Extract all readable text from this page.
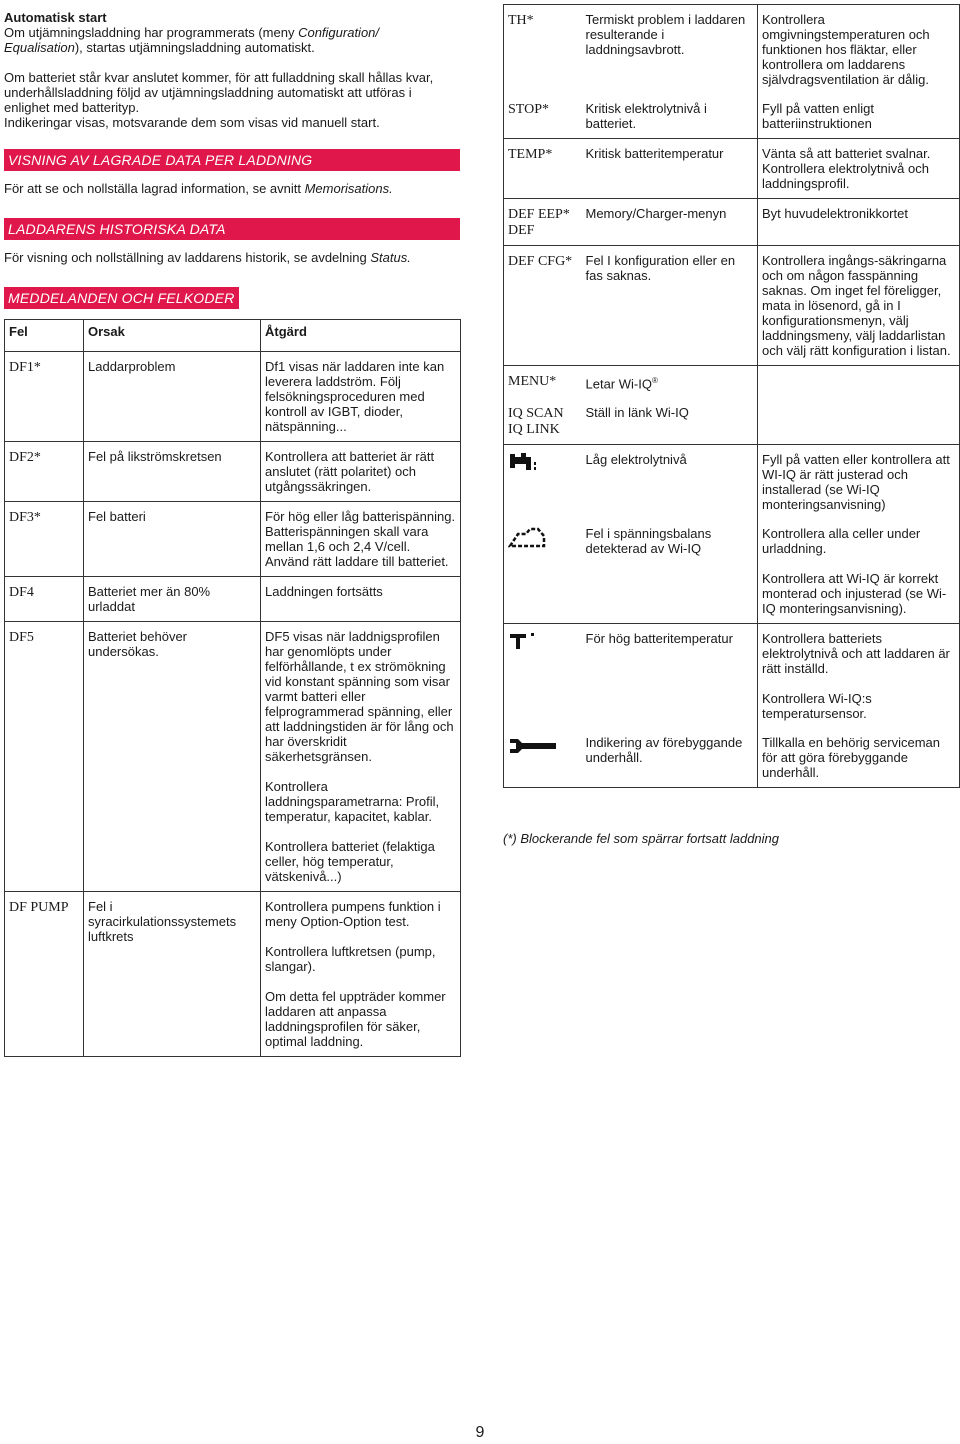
Automatisk start

Om utjämningsladdning har programmerats (meny Configuration/ Equalisation), startas utjämningsladdning automatiskt.

Om batteriet står kvar anslutet kommer, för att fulladdning skall hållas kvar, underhållsladdning följd av utjämningsladdning automatiskt att utföras i enlighet med batterityp.
Indikeringar visas, motsvarande dem som visas vid manuell start.
VISNING AV LAGRADE DATA PER LADDNING
För att se och nollställa lagrad information, se avnitt Memorisations.
LADDARENS HISTORISKA DATA
För visning och nollställning av laddarens historik, se avdelning Status.
MEDDELANDEN OCH FELKODER
Fel	Orsak	Åtgärd
DF1*	Laddarproblem	Df1 visas när laddaren inte kan leverera laddström. Följ felsökningsproceduren med kontroll av IGBT, dioder, nätspänning...

DF2*	Fel på likströmskretsen	Kontrollera att batteriet är rätt anslutet (rätt polaritet) och utgångssäkringen.

DF3*	Fel batteri	För hög eller låg batterispänning. Batterispänningen skall vara mellan 1,6 och 2,4 V/cell. Använd rätt laddare till batteriet.

DF4	Batteriet mer än 80% urladdat	Laddningen fortsätts

DF5	Batteriet behöver undersökas.	DF5 visas när laddnigsprofilen har genomlöpts under felförhållande, t ex strömökning vid konstant spänning som visar varmt batteri eller felprogrammerad spänning, eller att laddningstiden är för lång och har överskridit säkerhetsgränsen.
Kontrollera laddningsparametrarna: Profil, temperatur, kapacitet, kablar.
Kontrollera batteriet (felaktiga celler, hög temperatur, vätskenivå...)

DF PUMP	Fel i syracirkulationssystemets luftkrets	Kontrollera pumpens funktion i meny Option-Option test.
Kontrollera luftkretsen (pump, slangar).
Om detta fel uppträder kommer laddaren att anpassa laddningsprofilen för säker, optimal laddning.
TH*	Termiskt problem i laddaren resulterande i laddningsavbrott.	Kontrollera omgivningstemperaturen och funktionen hos fläktar, eller kontrollera om laddarens självdragsventilation är dålig.

STOP*	Kritisk elektrolytnivå i batteriet.	Fyll på vatten enligt batteriinstruktionen

TEMP*	Kritisk batteritemperatur	Vänta så att batteriet svalnar. Kontrollera elektrolytnivå och laddningsprofil.

DEF EEP* DEF	Memory/Charger-menyn	Byt huvudelektronikkortet

DEF CFG*	Fel I konfiguration eller en fas saknas.	Kontrollera ingångs-säkringarna och om någon fasspänning saknas. Om inget fel föreligger, mata in lösenord, gå in I konfigurationsmenyn, välj laddningsmeny, välj laddarlistan och välj rätt konfiguration i listan.

MENU*	Letar Wi-IQ®	
IQ SCAN IQ LINK	Ställ in länk Wi-IQ	

	Låg elektrolytnivå	Fyll på vatten eller kontrollera att WI-IQ är rätt justerad och installerad (se Wi-IQ monteringsanvisning)

	Fel i spänningsbalans detekterad av Wi-IQ	Kontrollera alla celler under urladdning.
Kontrollera att Wi-IQ är korrekt monterad och injusterad (se Wi-IQ monteringsanvisning).

	För hög batteritemperatur	Kontrollera batteriets elektrolytnivå och att laddaren är rätt inställd.
Kontrollera Wi-IQ:s temperatursensor.

	Indikering av förebyggande underhåll.	Tillkalla en behörig serviceman för att göra förebyggande underhåll.
(*) Blockerande fel som spärrar fortsatt laddning
9
